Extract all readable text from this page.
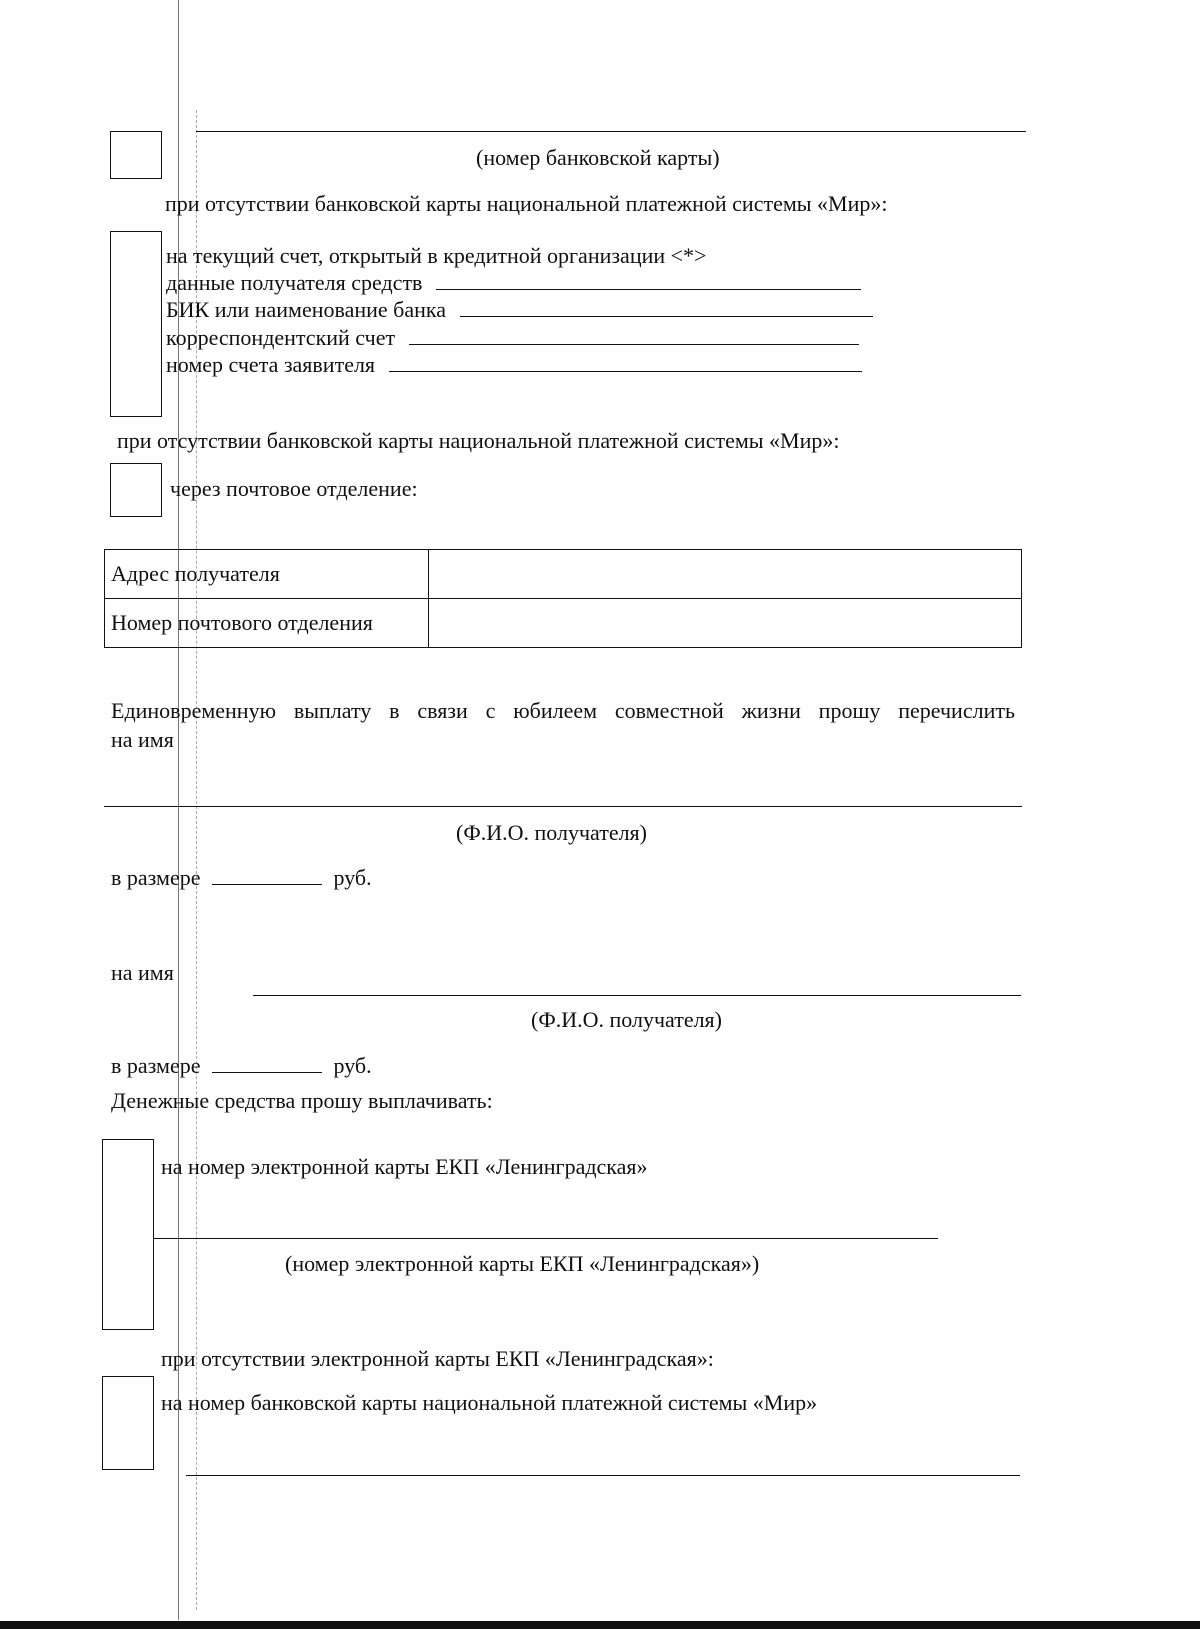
(номер банковской карты)
при отсутствии банковской карты национальной платежной системы «Мир»:
на текущий счет, открытый в кредитной организации <*>
данные получателя средств
БИК или наименование банка
корреспондентский счет
номер счета заявителя
при отсутствии банковской карты национальной платежной системы «Мир»:
через почтовое отделение:
Адрес получателя	
Номер почтового отделения	
Единовременную выплату в связи с юбилеем совместной жизни прошу перечислить
на имя
(Ф.И.О. получателя)
в размере	руб.
на имя
(Ф.И.О. получателя)
в размере	руб.
Денежные средства прошу выплачивать:
на номер электронной карты ЕКП «Ленинградская»
(номер электронной карты ЕКП «Ленинградская»)
при отсутствии электронной карты ЕКП «Ленинградская»:
на номер банковской карты национальной платежной системы «Мир»
